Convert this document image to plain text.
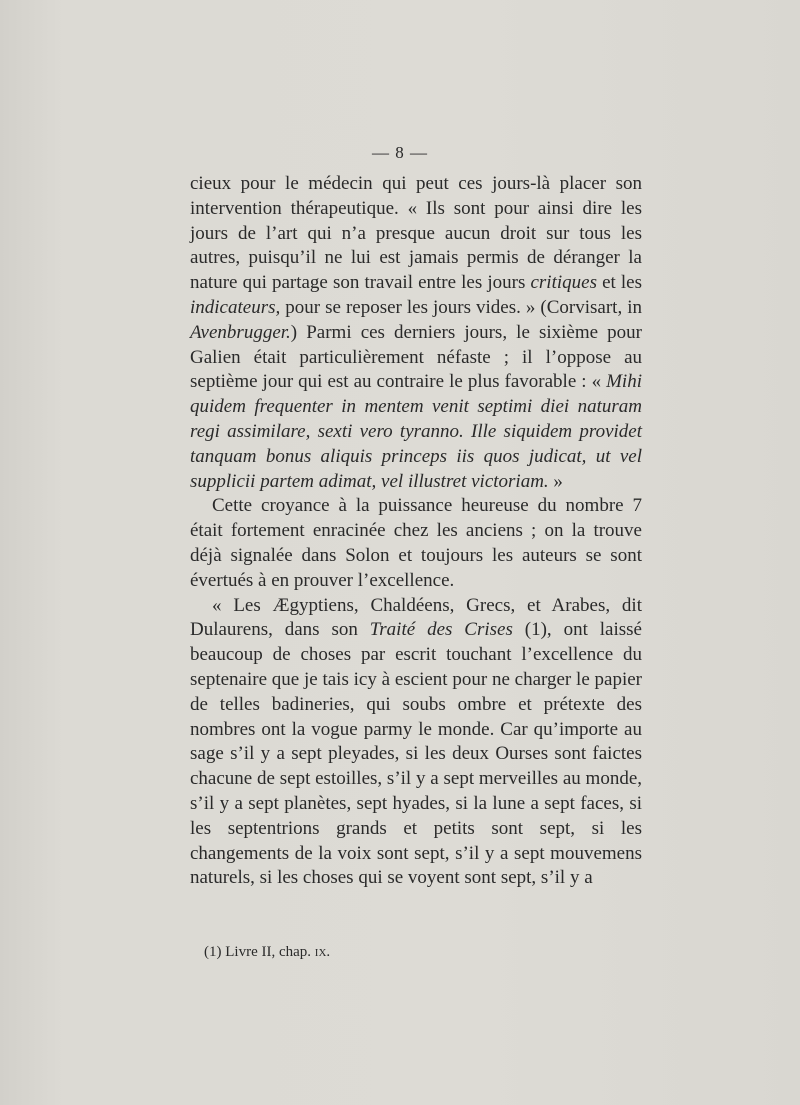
— 8 —

cieux pour le médecin qui peut ces jours-là placer son intervention thérapeutique. « Ils sont pour ainsi dire les jours de l’art qui n’a presque aucun droit sur tous les autres, puisqu’il ne lui est jamais permis de déranger la nature qui partage son travail entre les jours critiques et les indicateurs, pour se reposer les jours vides. » (Corvisart, in Avenbrugger.) Parmi ces derniers jours, le sixième pour Galien était particulièrement néfaste ; il l’oppose au septième jour qui est au contraire le plus favorable : « Mihi quidem frequenter in mentem venit septimi diei naturam regi assimilare, sexti vero tyranno. Ille siquidem providet tanquam bonus aliquis princeps iis quos judicat, ut vel supplicii partem adimat, vel illustret victoriam. »

Cette croyance à la puissance heureuse du nombre 7 était fortement enracinée chez les anciens ; on la trouve déjà signalée dans Solon et toujours les auteurs se sont évertués à en prouver l’excellence.

« Les Ægyptiens, Chaldéens, Grecs, et Arabes, dit Dulaurens, dans son Traité des Crises (1), ont laissé beaucoup de choses par escrit touchant l’excellence du septenaire que je tais icy à escient pour ne charger le papier de telles badineries, qui soubs ombre et prétexte des nombres ont la vogue parmy le monde. Car qu’importe au sage s’il y a sept pleyades, si les deux Ourses sont faictes chacune de sept estoilles, s’il y a sept merveilles au monde, s’il y a sept planètes, sept hyades, si la lune a sept faces, si les septentrions grands et petits sont sept, si les changements de la voix sont sept, s’il y a sept mouvemens naturels, si les choses qui se voyent sont sept, s’il y a

(1) Livre II, chap. ix.
